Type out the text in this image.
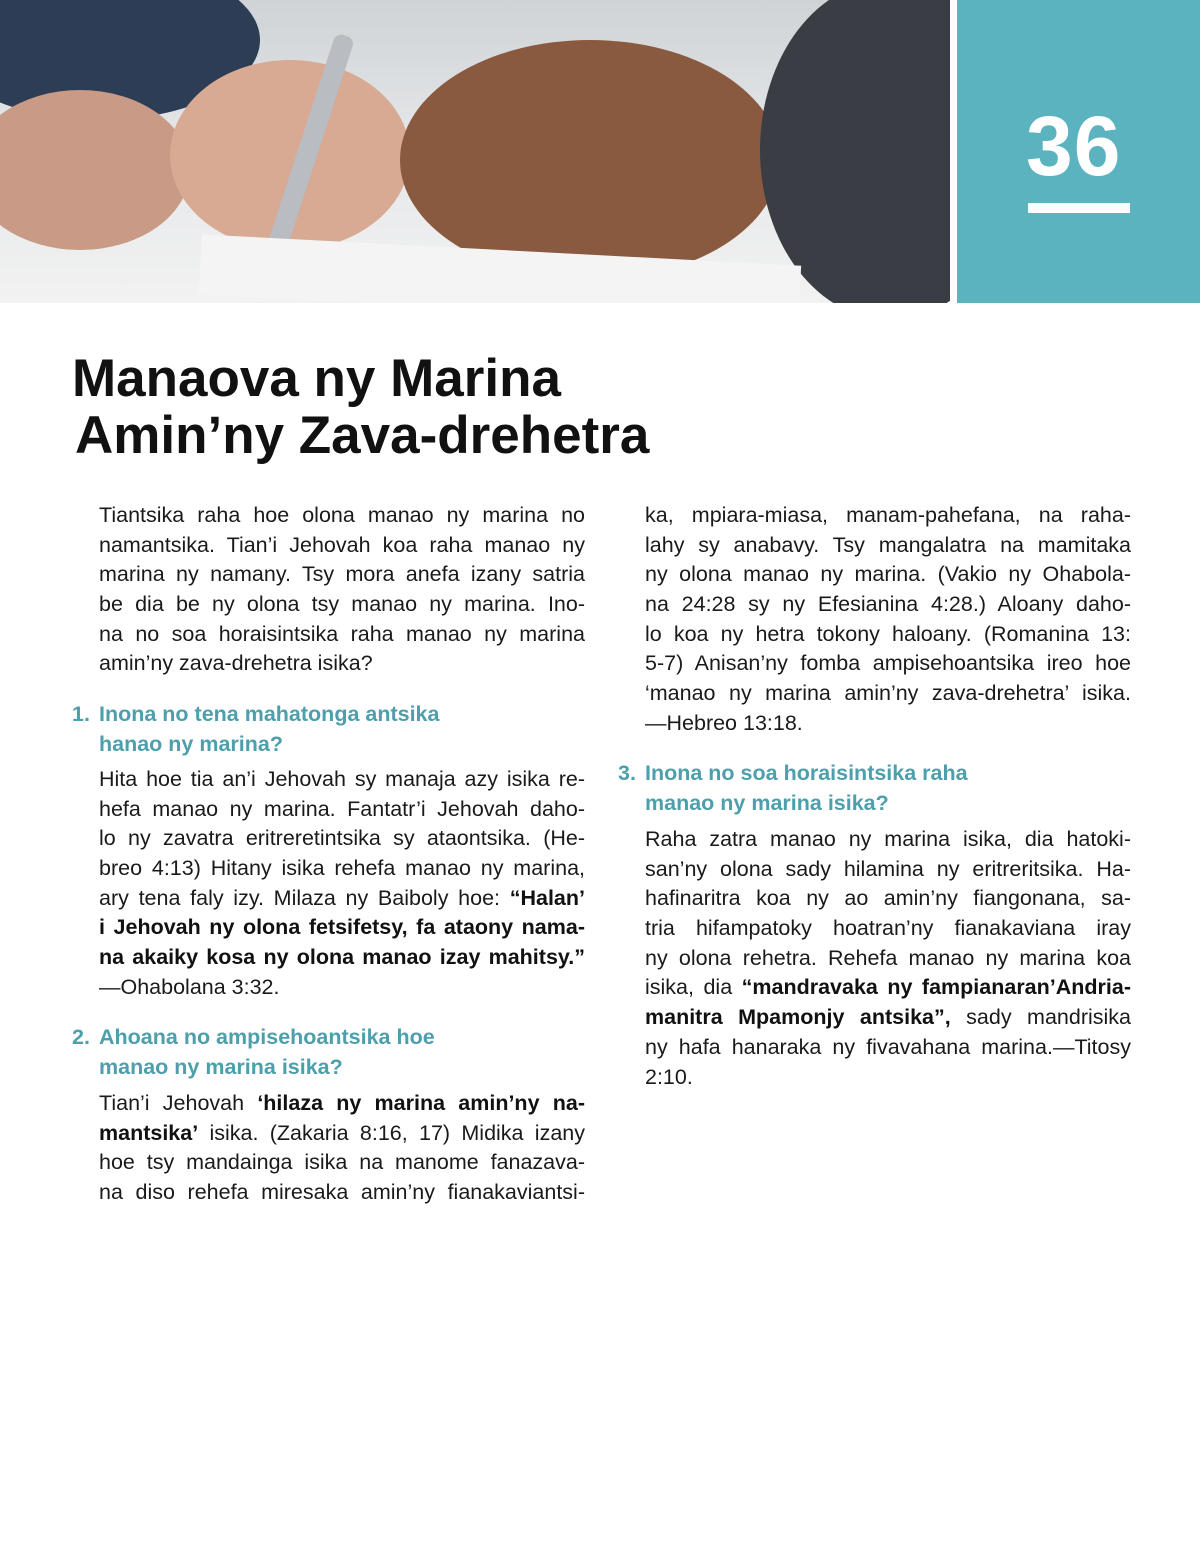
36
Manaova ny Marina
Amin’ny Zava-drehetra
Tiantsika raha hoe olona manao ny marina no
namantsika. Tian’i Jehovah koa raha manao ny
marina ny namany. Tsy mora anefa izany satria
be dia be ny olona tsy manao ny marina. Ino-
na no soa horaisintsika raha manao ny marina
amin’ny zava-drehetra isika?
1. Inona no tena mahatonga antsika
hanao ny marina?
Hita hoe tia an’i Jehovah sy manaja azy isika re-
hefa manao ny marina. Fantatr’i Jehovah daho-
lo ny zavatra eritreretintsika sy ataontsika. (He-
breo 4:13) Hitany isika rehefa manao ny marina,
ary tena faly izy. Milaza ny Baiboly hoe: “Halan’
i Jehovah ny olona fetsifetsy, fa ataony nama-
na akaiky kosa ny olona manao izay mahitsy.”
—Ohabolana 3:32.
2. Ahoana no ampisehoantsika hoe
manao ny marina isika?
Tian’i Jehovah ‘hilaza ny marina amin’ny na-
mantsika’ isika. (Zakaria 8:16, 17) Midika izany
hoe tsy mandainga isika na manome fanazava-
na diso rehefa miresaka amin’ny fianakaviantsi-
ka, mpiara-miasa, manam-pahefana, na raha-
lahy sy anabavy. Tsy mangalatra na mamitaka
ny olona manao ny marina. (Vakio ny Ohabola-
na 24:28 sy ny Efesianina 4:28.) Aloany daho-
lo koa ny hetra tokony haloany. (Romanina 13:
5-7) Anisan’ny fomba ampisehoantsika ireo hoe
‘manao ny marina amin’ny zava-drehetra’ isika.
—Hebreo 13:18.
3. Inona no soa horaisintsika raha
manao ny marina isika?
Raha zatra manao ny marina isika, dia hatoki-
san’ny olona sady hilamina ny eritreritsika. Ha-
hafinaritra koa ny ao amin’ny fiangonana, sa-
tria hifampatoky hoatran’ny fianakaviana iray
ny olona rehetra. Rehefa manao ny marina koa
isika, dia “mandravaka ny fampianaran’Andria-
manitra Mpamonjy antsika”, sady mandrisika
ny hafa hanaraka ny fivavahana marina.—Titosy
2:10.
